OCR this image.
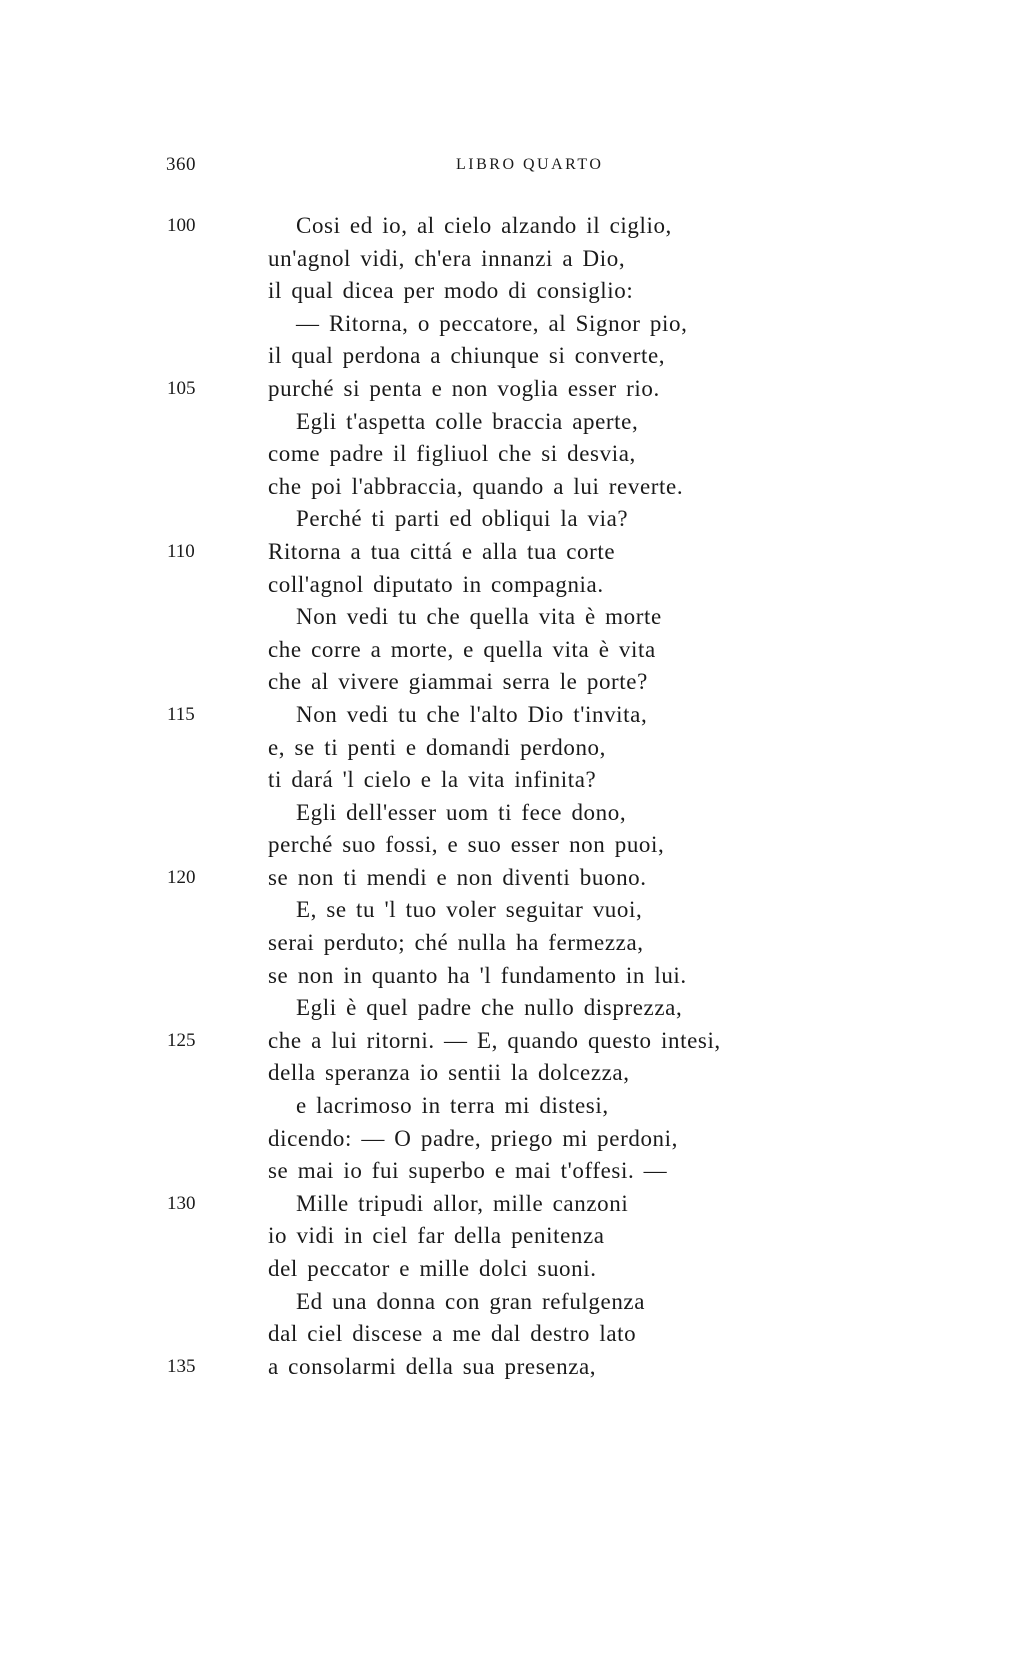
360	LIBRO QUARTO
100	Cosi ed io, al cielo alzando il ciglio,
un'agnol vidi, ch'era innanzi a Dio,
il qual dicea per modo di consiglio:
— Ritorna, o peccatore, al Signor pio,
il qual perdona a chiunque si converte,
105	purché si penta e non voglia esser rio.
Egli t'aspetta colle braccia aperte,
come padre il figliuol che si desvia,
che poi l'abbraccia, quando a lui reverte.
Perché ti parti ed obliqui la via?
110	Ritorna a tua cittá e alla tua corte
coll'agnol diputato in compagnia.
Non vedi tu che quella vita è morte
che corre a morte, e quella vita è vita
che al vivere giammai serra le porte?
115	Non vedi tu che l'alto Dio t'invita,
e, se ti penti e domandi perdono,
ti dará 'l cielo e la vita infinita?
Egli dell'esser uom ti fece dono,
perché suo fossi, e suo esser non puoi,
120	se non ti mendi e non diventi buono.
E, se tu 'l tuo voler seguitar vuoi,
serai perduto; ché nulla ha fermezza,
se non in quanto ha 'l fundamento in lui.
Egli è quel padre che nullo disprezza,
125	che a lui ritorni. — E, quando questo intesi,
della speranza io sentii la dolcezza,
e lacrimoso in terra mi distesi,
dicendo: — O padre, priego mi perdoni,
se mai io fui superbo e mai t'offesi. —
130	Mille tripudi allor, mille canzoni
io vidi in ciel far della penitenza
del peccator e mille dolci suoni.
Ed una donna con gran refulgenza
dal ciel discese a me dal destro lato
135	a consolarmi della sua presenza,
